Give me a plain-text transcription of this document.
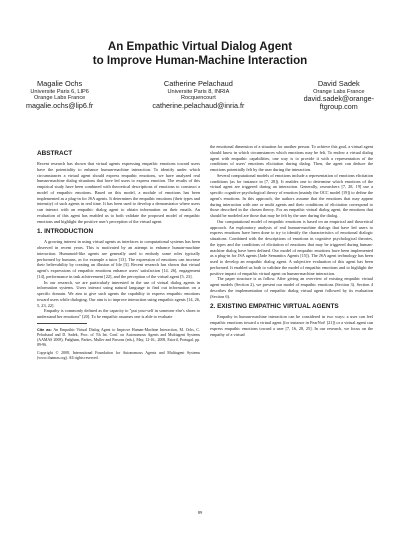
An Empathic Virtual Dialog Agent
to Improve Human-Machine Interaction
Magalie Ochs
Universite Paris 6, LIP6
Orange Labs France
magalie.ochs@lip6.fr
Catherine Pelachaud
Universite Paris 8, INRIA
Rocquencourt
catherine.pelachaud@inria.fr
David Sadek
Orange Labs France
david.sadek@orange-
ftgroup.com
ABSTRACT

Recent research has shown that virtual agents expressing empathic emotions toward users have the potentiality to enhance human-machine interaction. To identify under which circumstances a virtual agent should express empathic emotions, we have analyzed real human-machine dialog situations that have led users to express emotion. The results of this empirical study have been combined with theoretical descriptions of emotions to construct a model of empathic emotions. Based on this model, a module of emotions has been implemented as a plug-in for JSA agents. It determines the empathic emotions (their types and intensity) of such agents in real time. It has been used to develop a demonstrator where users can interact with an empathic dialog agent to obtain information on their emails. An evaluation of this agent has enabled us to both validate the proposed model of empathic emotions and highlight the positive user's perception of the virtual agent.

1. INTRODUCTION

A growing interest in using virtual agents as interfaces to computational systems has been observed in recent years. This is motivated by an attempt to enhance human-machine interaction. Humanoid-like agents are generally used to embody some roles typically performed by humans, as for example a tutor [13]. The expression of emotions can increase their believability by creating an illusion of life [3]. Recent research has shown that virtual agent's expressions of empathic emotions enhance users' satisfaction [14, 26], engagement [14], performance in task achievement [22], and the perception of the virtual agent [5, 23].

In our research, we are particularly interested in the use of virtual dialog agents in information systems. Users interact using natural language to find out information on a specific domain. We aim to give such agents the capability to express empathic emotions toward users while dialoging. Our aim is to improve interaction using empathic agents [14, 26, 5, 23, 22].

Empathy is commonly defined as the capacity to "put your-self in someone else's shoes to understand her emotions" [20]. To be empathic assumes one is able to evaluate

Cite as: An Empathic Virtual Dialog Agent to Improve Human-Machine Interaction, M. Ochs, C. Pelachaud and D. Sadek, Proc. of 7th Int. Conf. on Autonomous Agents and Multiagent Systems (AAMAS 2008), Padgham, Parkes, Muller and Parsons (eds.), May, 12-16., 2008, Estoril, Portugal, pp. 89-96.
Copyright © 2008, International Foundation for Autonomous Agents and Multiagent Systems (www.ifaamas.org). All rights reserved.

the emotional dimension of a situation for another person. To achieve this goal, a virtual agent should know in which circumstances which emotions may be felt. To endow a virtual dialog agent with empathic capabilities, one way is to provide it with a representation of the conditions of users' emotions elicitation during dialog. Then, the agent can deduce the emotions potentially felt by the user during the interaction.

Several computational models of emotions include a representation of emotions elicitation conditions (as for instance in [7, 28]). It enables one to determine which emotions of the virtual agent are triggered during an interaction. Generally, researchers [7, 28, 19] use a specific cognitive psychological theory of emotion (mainly the OCC model [19]) to define the agent's emotions. In this approach, the authors assume that the emotions that may appear during interaction with one or multi agents and their conditions of elicitation correspond to those described in the chosen theory. For an empathic virtual dialog agent, the emotions that should be modeled are those that may be felt by the user during the dialog.

Our computational model of empathic emotions is based on an empirical and theoretical approach. An exploratory analysis of real human-machine dialogs that have led users to express emotions have been done to try to identify the characteristics of emotional dialogic situations. Combined with the descriptions of emotions in cognitive psychological theories, the types and the conditions of elicitation of emotions that may be triggered during human-machine dialog have been defined. Our model of empathic emotions have been implemented as a plug-in for JSA agents [Jade Semantics Agents [15]). The JSA agent technology has been used to develop an empathic dialog agent. A subjective evaluation of this agent has been performed. It enabled us both to validate the model of empathic emotions and to highlight the positive impact of empathic virtual agent on human-machine interaction.

The paper structure is as follow. After giving an overview of existing empathic virtual agent models (Section 2), we present our model of empathic emotions (Section 3). Section 4 describes the implementation of empathic dialog virtual agent followed by its evaluation (Section 6).

2. EXISTING EMPATHIC VIRTUAL AGENTS

Empathy in human-machine interaction can be considered in two ways: a user can feel empathic emotions toward a virtual agent (for instance in FearNot! [21]) or a virtual agent can express empathic emotions toward a user [7, 16, 28, 25]. In our research, we focus on the empathy of a virtual

89
